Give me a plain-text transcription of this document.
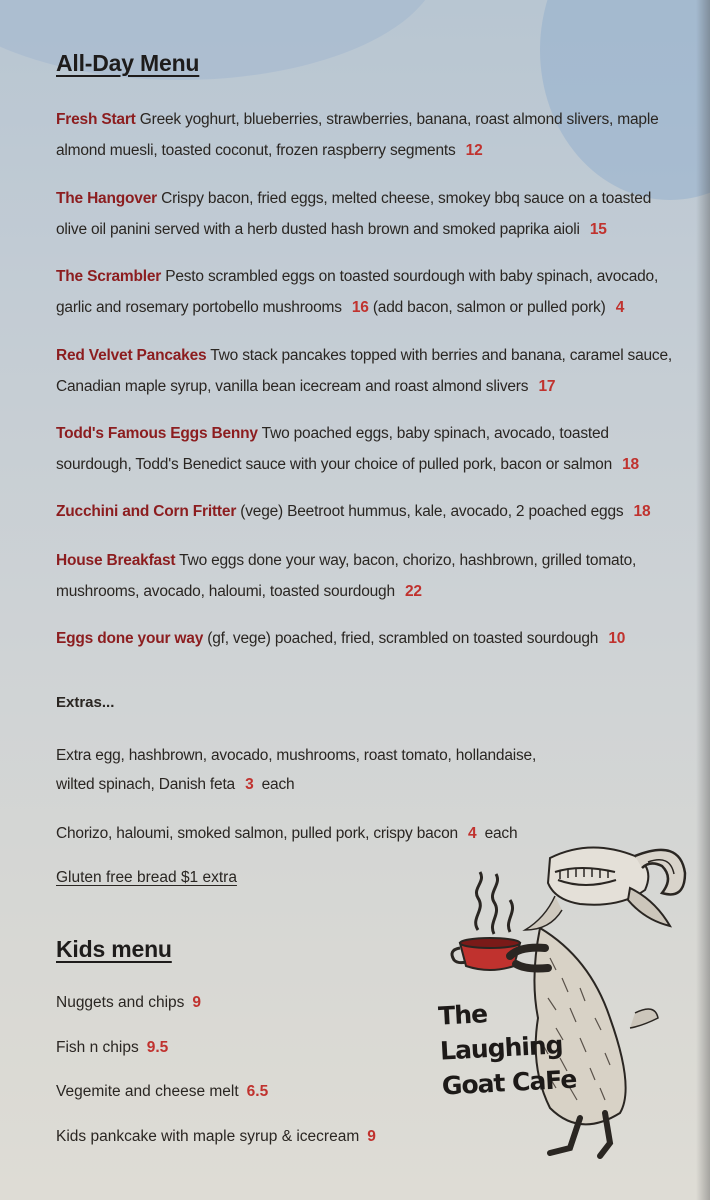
All-Day Menu
Fresh Start Greek yoghurt, blueberries, strawberries, banana, roast almond slivers, maple almond muesli, toasted coconut, frozen raspberry segments 12
The Hangover Crispy bacon, fried eggs, melted cheese, smokey bbq sauce on a toasted olive oil panini served with a herb dusted hash brown and smoked paprika aioli 15
The Scrambler Pesto scrambled eggs on toasted sourdough with baby spinach, avocado, garlic and rosemary portobello mushrooms 16 (add bacon, salmon or pulled pork) 4
Red Velvet Pancakes Two stack pancakes topped with berries and banana, caramel sauce, Canadian maple syrup, vanilla bean icecream and roast almond slivers 17
Todd's Famous Eggs Benny Two poached eggs, baby spinach, avocado, toasted sourdough, Todd's Benedict sauce with your choice of pulled pork, bacon or salmon 18
Zucchini and Corn Fritter (vege) Beetroot hummus, kale, avocado, 2 poached eggs 18
House Breakfast Two eggs done your way, bacon, chorizo, hashbrown, grilled tomato, mushrooms, avocado, haloumi, toasted sourdough 22
Eggs done your way (gf, vege) poached, fried, scrambled on toasted sourdough 10

Extras...

Extra egg, hashbrown, avocado, mushrooms, roast tomato, hollandaise,
wilted spinach, Danish feta 3 each
Chorizo, haloumi, smoked salmon, pulled pork, crispy bacon 4 each
Gluten free bread $1 extra
Kids menu
Nuggets and chips 9
Fish n chips 9.5
Vegemite and cheese melt 6.5
Kids pankcake with maple syrup & icecream 9
The
Laughing
Goat CaFe
